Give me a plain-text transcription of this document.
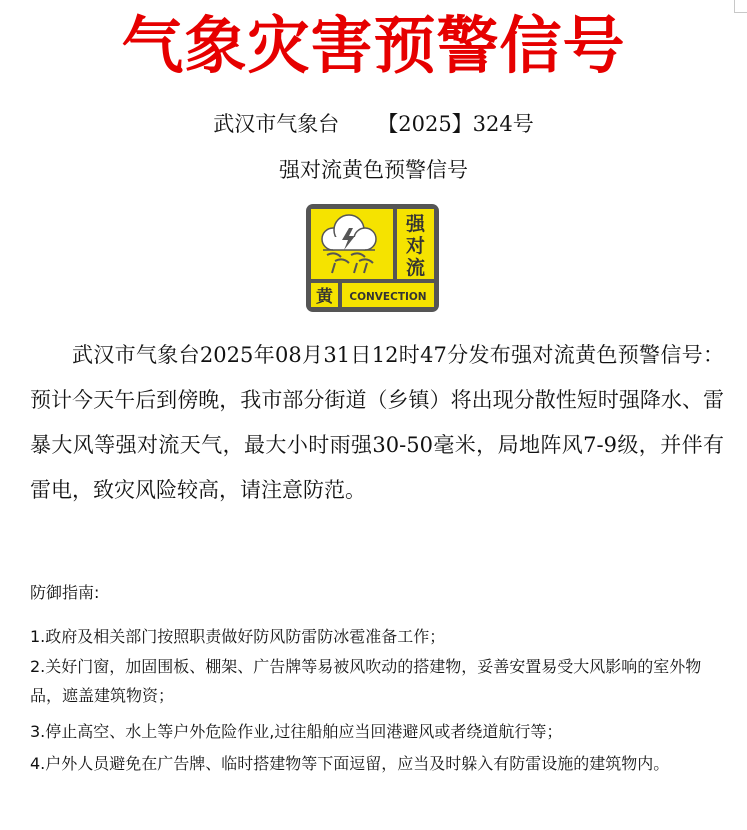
气象灾害预警信号
武汉市气象台 【2025】324号
强对流黄色预警信号
强
对
流
黄 CONVECTION

武汉市气象台2025年08月31日12时47分发布强对流黄色预警信号：预计今天午后到傍晚，我市部分街道（乡镇）将出现分散性短时强降水、雷暴大风等强对流天气，最大小时雨强30-50毫米，局地阵风7-9级，并伴有雷电，致灾风险较高，请注意防范。

防御指南:

1.政府及相关部门按照职责做好防风防雷防冰雹准备工作；

2.关好门窗，加固围板、棚架、广告牌等易被风吹动的搭建物，妥善安置易受大风影响的室外物品，遮盖建筑物资；

3.停止高空、水上等户外危险作业,过往船舶应当回港避风或者绕道航行等；

4.户外人员避免在广告牌、临时搭建物等下面逗留，应当及时躲入有防雷设施的建筑物内。
